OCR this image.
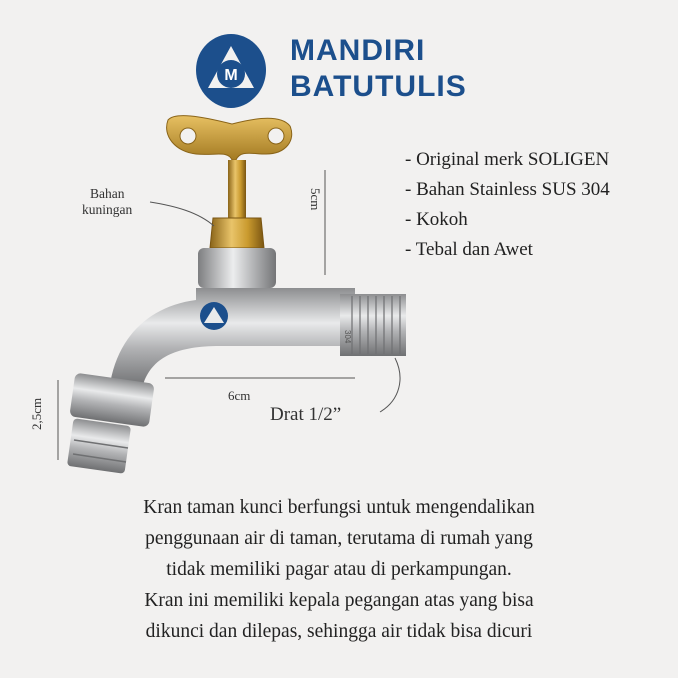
M
MANDIRI
BATUTULIS
- Original merk SOLIGEN
- Bahan Stainless SUS 304
- Kokoh
- Tebal dan Awet
304
Bahan
kuningan	5cm
6cm
2,5cm	Drat 1/2”

Kran taman kunci berfungsi untuk mengendalikan

penggunaan air di taman, terutama di rumah yang

tidak memiliki pagar atau di perkampungan.

Kran ini memiliki kepala pegangan atas yang bisa

dikunci dan dilepas, sehingga air tidak bisa dicuri
